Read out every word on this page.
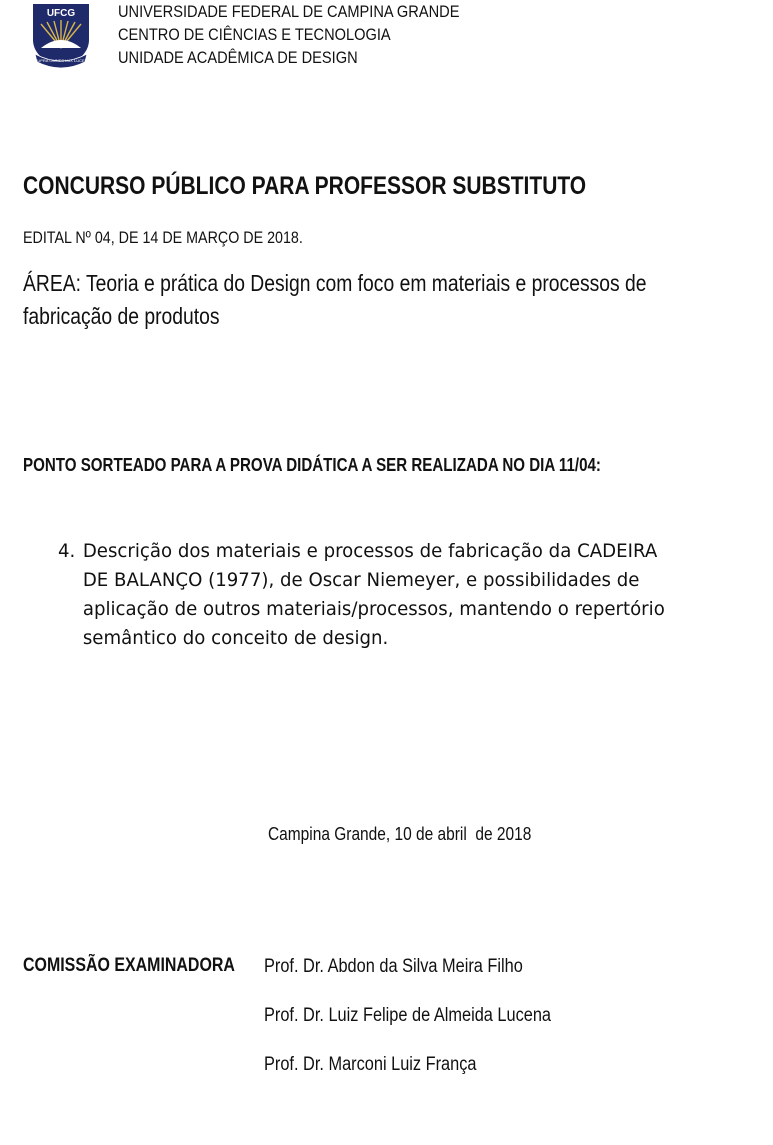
UFCG
SUPRA OMNES LUX LUCES
UNIVERSIDADE FEDERAL DE CAMPINA GRANDE
CENTRO DE CIÊNCIAS E TECNOLOGIA
UNIDADE ACADÊMICA DE DESIGN
CONCURSO PÚBLICO PARA PROFESSOR SUBSTITUTO
EDITAL Nº 04, DE 14 DE MARÇO DE 2018.
ÁREA: Teoria e prática do Design com foco em materiais e processos de
fabricação de produtos
PONTO SORTEADO PARA A PROVA DIDÁTICA A SER REALIZADA NO DIA 11/04:
4. Descrição dos materiais e processos de fabricação da CADEIRA DE BALANÇO (1977), de Oscar Niemeyer, e possibilidades de aplicação de outros materiais/processos, mantendo o repertório semântico do conceito de design.
Campina Grande, 10 de abril  de 2018
COMISSÃO EXAMINADORA Prof. Dr. Abdon da Silva Meira Filho
Prof. Dr. Luiz Felipe de Almeida Lucena
Prof. Dr. Marconi Luiz França
